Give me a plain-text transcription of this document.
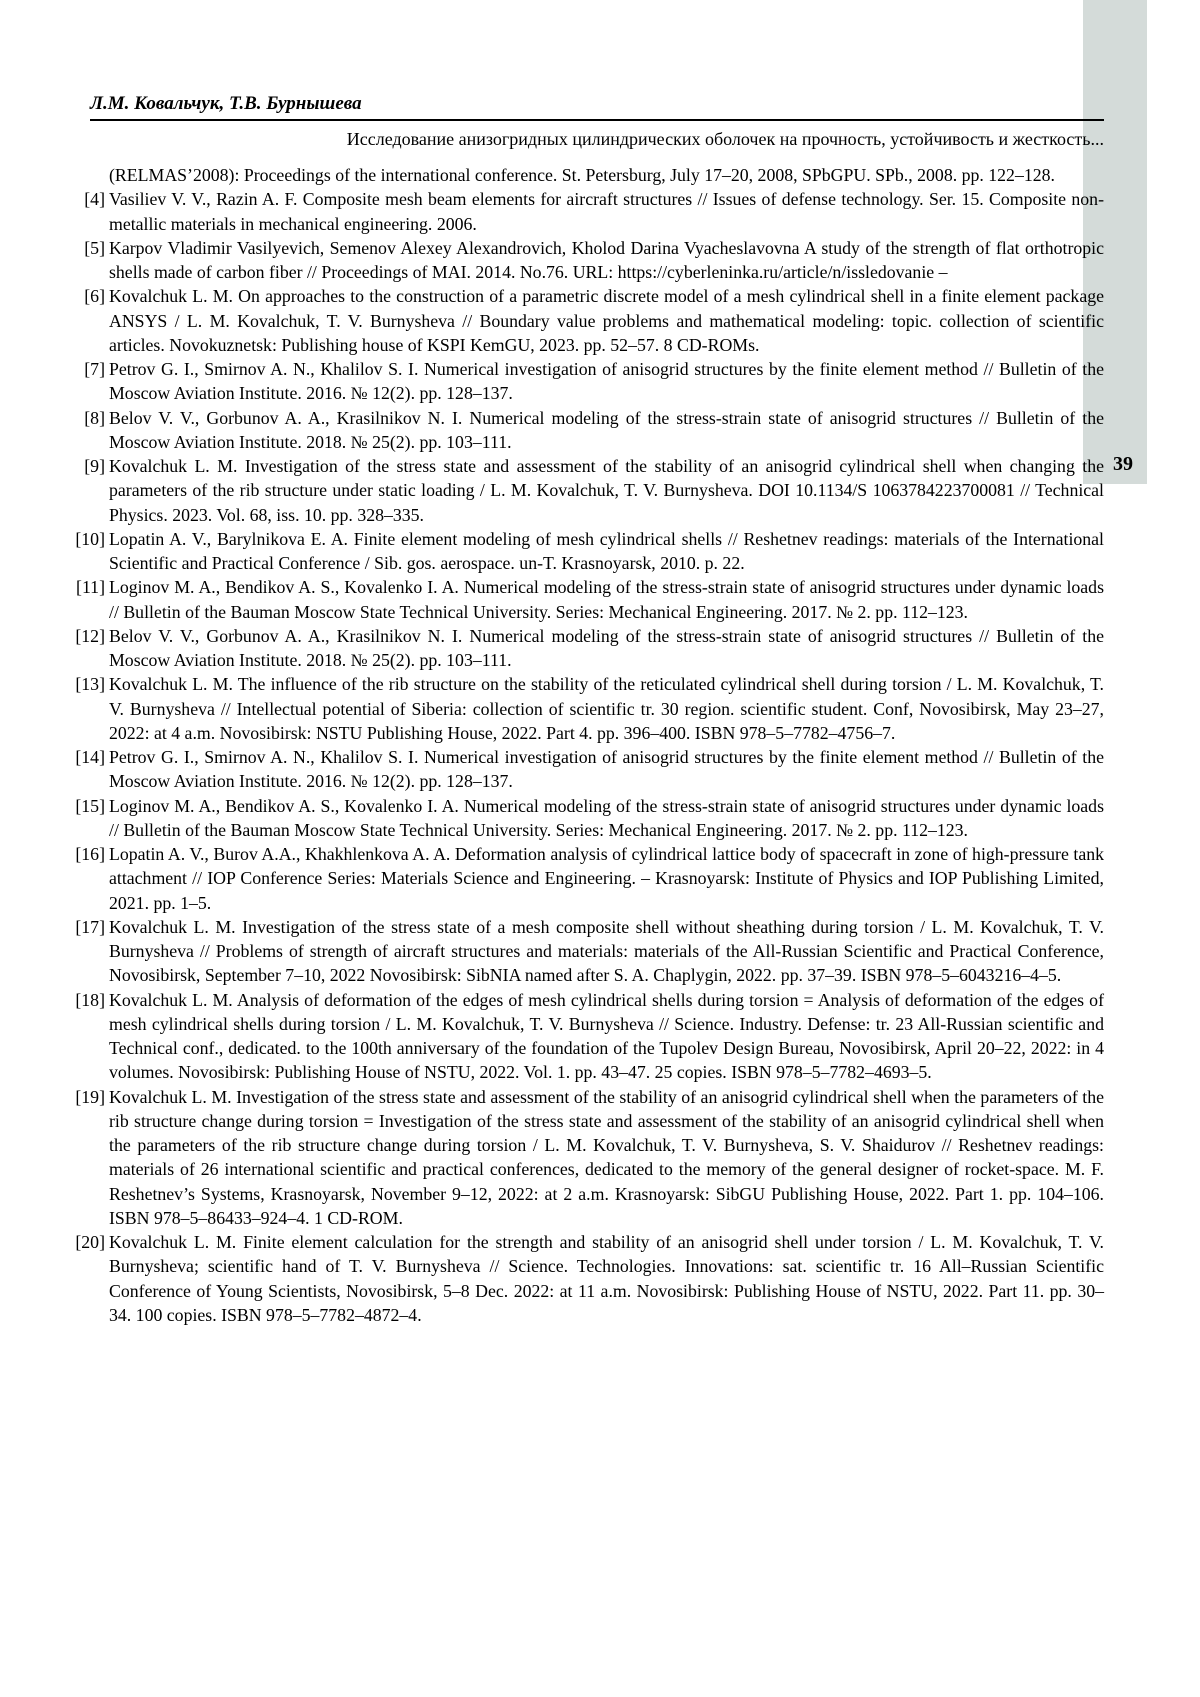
39
Л.М. Ковальчук, Т.В. Бурнышева
Исследование анизогридных цилиндрических оболочек на прочность, устойчивость и жесткость...
(RELMAS’2008): Proceedings of the international conference. St. Petersburg, July 17–20, 2008, SPbGPU. SPb., 2008. pp. 122–128.
[4] Vasiliev V. V., Razin A. F. Composite mesh beam elements for aircraft structures // Issues of defense technology. Ser. 15. Composite non-metallic materials in mechanical engineering. 2006.
[5] Karpov Vladimir Vasilyevich, Semenov Alexey Alexandrovich, Kholod Darina Vyacheslavovna A study of the strength of flat orthotropic shells made of carbon fiber // Proceedings of MAI. 2014. No.76. URL: https://cyberleninka.ru/article/n/issledovanie –
[6] Kovalchuk L. M. On approaches to the construction of a parametric discrete model of a mesh cylindrical shell in a finite element package ANSYS / L. M. Kovalchuk, T. V. Burnysheva // Boundary value problems and mathematical modeling: topic. collection of scientific articles. Novokuznetsk: Publishing house of KSPI KemGU, 2023. pp. 52–57. 8 CD-ROMs.
[7] Petrov G. I., Smirnov A. N., Khalilov S. I. Numerical investigation of anisogrid structures by the finite element method // Bulletin of the Moscow Aviation Institute. 2016. № 12(2). pp. 128–137.
[8] Belov V. V., Gorbunov A. A., Krasilnikov N. I. Numerical modeling of the stress-strain state of anisogrid structures // Bulletin of the Moscow Aviation Institute. 2018. № 25(2). pp. 103–111.
[9] Kovalchuk L. M. Investigation of the stress state and assessment of the stability of an anisogrid cylindrical shell when changing the parameters of the rib structure under static loading / L. M. Kovalchuk, T. V. Burnysheva. DOI 10.1134/S 1063784223700081 // Technical Physics. 2023. Vol. 68, iss. 10. pp. 328–335.
[10] Lopatin A. V., Barylnikova E. A. Finite element modeling of mesh cylindrical shells // Reshetnev readings: materials of the International Scientific and Practical Conference / Sib. gos. aerospace. un-T. Krasnoyarsk, 2010. p. 22.
[11] Loginov M. A., Bendikov A. S., Kovalenko I. A. Numerical modeling of the stress-strain state of anisogrid structures under dynamic loads // Bulletin of the Bauman Moscow State Technical University. Series: Mechanical Engineering. 2017. № 2. pp. 112–123.
[12] Belov V. V., Gorbunov A. A., Krasilnikov N. I. Numerical modeling of the stress-strain state of anisogrid structures // Bulletin of the Moscow Aviation Institute. 2018. № 25(2). pp. 103–111.
[13] Kovalchuk L. M. The influence of the rib structure on the stability of the reticulated cylindrical shell during torsion / L. M. Kovalchuk, T. V. Burnysheva // Intellectual potential of Siberia: collection of scientific tr. 30 region. scientific student. Conf, Novosibirsk, May 23–27, 2022: at 4 a.m. Novosibirsk: NSTU Publishing House, 2022. Part 4. pp. 396–400. ISBN 978–5–7782–4756–7.
[14] Petrov G. I., Smirnov A. N., Khalilov S. I. Numerical investigation of anisogrid structures by the finite element method // Bulletin of the Moscow Aviation Institute. 2016. № 12(2). pp. 128–137.
[15] Loginov M. A., Bendikov A. S., Kovalenko I. A. Numerical modeling of the stress-strain state of anisogrid structures under dynamic loads // Bulletin of the Bauman Moscow State Technical University. Series: Mechanical Engineering. 2017. № 2. pp. 112–123.
[16] Lopatin A. V., Burov A.A., Khakhlenkova A. A. Deformation analysis of cylindrical lattice body of spacecraft in zone of high-pressure tank attachment // IOP Conference Series: Materials Science and Engineering. – Krasnoyarsk: Institute of Physics and IOP Publishing Limited, 2021. pp. 1–5.
[17] Kovalchuk L. M. Investigation of the stress state of a mesh composite shell without sheathing during torsion / L. M. Kovalchuk, T. V. Burnysheva // Problems of strength of aircraft structures and materials: materials of the All-Russian Scientific and Practical Conference, Novosibirsk, September 7–10, 2022 Novosibirsk: SibNIA named after S. A. Chaplygin, 2022. pp. 37–39. ISBN 978–5–6043216–4–5.
[18] Kovalchuk L. M. Analysis of deformation of the edges of mesh cylindrical shells during torsion = Analysis of deformation of the edges of mesh cylindrical shells during torsion / L. M. Kovalchuk, T. V. Burnysheva // Science. Industry. Defense: tr. 23 All-Russian scientific and Technical conf., dedicated. to the 100th anniversary of the foundation of the Tupolev Design Bureau, Novosibirsk, April 20–22, 2022: in 4 volumes. Novosibirsk: Publishing House of NSTU, 2022. Vol. 1. pp. 43–47. 25 copies. ISBN 978–5–7782–4693–5.
[19] Kovalchuk L. M. Investigation of the stress state and assessment of the stability of an anisogrid cylindrical shell when the parameters of the rib structure change during torsion = Investigation of the stress state and assessment of the stability of an anisogrid cylindrical shell when the parameters of the rib structure change during torsion / L. M. Kovalchuk, T. V. Burnysheva, S. V. Shaidurov // Reshetnev readings: materials of 26 international scientific and practical conferences, dedicated to the memory of the general designer of rocket-space. M. F. Reshetnev’s Systems, Krasnoyarsk, November 9–12, 2022: at 2 a.m. Krasnoyarsk: SibGU Publishing House, 2022. Part 1. pp. 104–106. ISBN 978–5–86433–924–4. 1 CD-ROM.
[20] Kovalchuk L. M. Finite element calculation for the strength and stability of an anisogrid shell under torsion / L. M. Kovalchuk, T. V. Burnysheva; scientific hand of T. V. Burnysheva // Science. Technologies. Innovations: sat. scientific tr. 16 All–Russian Scientific Conference of Young Scientists, Novosibirsk, 5–8 Dec. 2022: at 11 a.m. Novosibirsk: Publishing House of NSTU, 2022. Part 11. pp. 30–34. 100 copies. ISBN 978–5–7782–4872–4.
